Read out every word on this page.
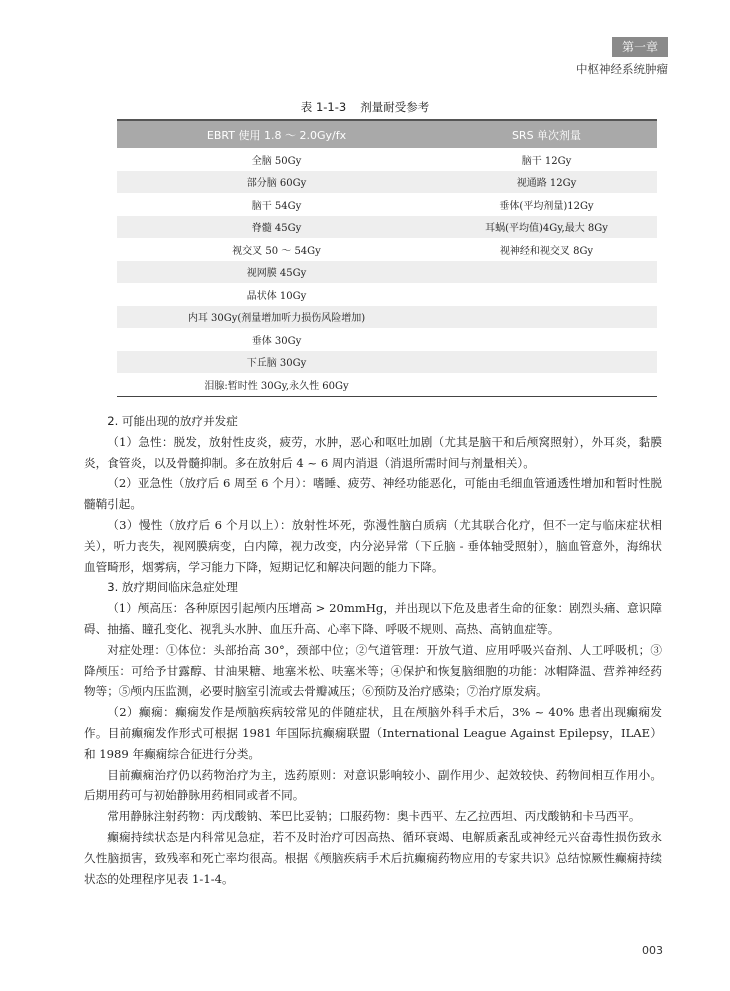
第一章
中枢神经系统肿瘤
表 1-1-3 剂量耐受参考
EBRT 使用 1.8 ～ 2.0Gy/fx	SRS 单次剂量
全脑 50Gy	脑干 12Gy
部分脑 60Gy	视通路 12Gy
脑干 54Gy	垂体(平均剂量)12Gy
脊髓 45Gy	耳蜗(平均值)4Gy,最大 8Gy
视交叉 50 ～ 54Gy	视神经和视交叉 8Gy
视网膜 45Gy	
晶状体 10Gy	
内耳 30Gy(剂量增加听力损伤风险增加)	
垂体 30Gy	
下丘脑 30Gy	
泪腺:暂时性 30Gy,永久性 60Gy	

2. 可能出现的放疗并发症

（1）急性：脱发，放射性皮炎，疲劳，水肿，恶心和呕吐加剧（尤其是脑干和后颅窝照射），外耳炎，黏膜炎，食管炎，以及骨髓抑制。多在放射后 4 ~ 6 周内消退（消退所需时间与剂量相关）。

（2）亚急性（放疗后 6 周至 6 个月）：嗜睡、疲劳、神经功能恶化，可能由毛细血管通透性增加和暂时性脱髓鞘引起。

（3）慢性（放疗后 6 个月以上）：放射性坏死，弥漫性脑白质病（尤其联合化疗，但不一定与临床症状相关），听力丧失，视网膜病变，白内障，视力改变，内分泌异常（下丘脑 - 垂体轴受照射），脑血管意外，海绵状血管畸形，烟雾病，学习能力下降，短期记忆和解决问题的能力下降。

3. 放疗期间临床急症处理

（1）颅高压：各种原因引起颅内压增高 > 20mmHg，并出现以下危及患者生命的征象：剧烈头痛、意识障碍、抽搐、瞳孔变化、视乳头水肿、血压升高、心率下降、呼吸不规则、高热、高钠血症等。

对症处理：①体位：头部抬高 30°，颈部中位；②气道管理：开放气道、应用呼吸兴奋剂、人工呼吸机；③降颅压：可给予甘露醇、甘油果糖、地塞米松、呋塞米等；④保护和恢复脑细胞的功能：冰帽降温、营养神经药物等；⑤颅内压监测，必要时脑室引流或去骨瓣减压；⑥预防及治疗感染；⑦治疗原发病。

（2）癫痫：癫痫发作是颅脑疾病较常见的伴随症状，且在颅脑外科手术后，3% ~ 40% 患者出现癫痫发作。目前癫痫发作形式可根据 1981 年国际抗癫痫联盟（International League Against Epilepsy，ILAE）和 1989 年癫痫综合征进行分类。

目前癫痫治疗仍以药物治疗为主，选药原则：对意识影响较小、副作用少、起效较快、药物间相互作用小。后期用药可与初始静脉用药相同或者不同。

常用静脉注射药物：丙戊酸钠、苯巴比妥钠；口服药物：奥卡西平、左乙拉西坦、丙戊酸钠和卡马西平。

癫痫持续状态是内科常见急症，若不及时治疗可因高热、循环衰竭、电解质紊乱或神经元兴奋毒性损伤致永久性脑损害，致残率和死亡率均很高。根据《颅脑疾病手术后抗癫痫药物应用的专家共识》总结惊厥性癫痫持续状态的处理程序见表 1-1-4。

003
